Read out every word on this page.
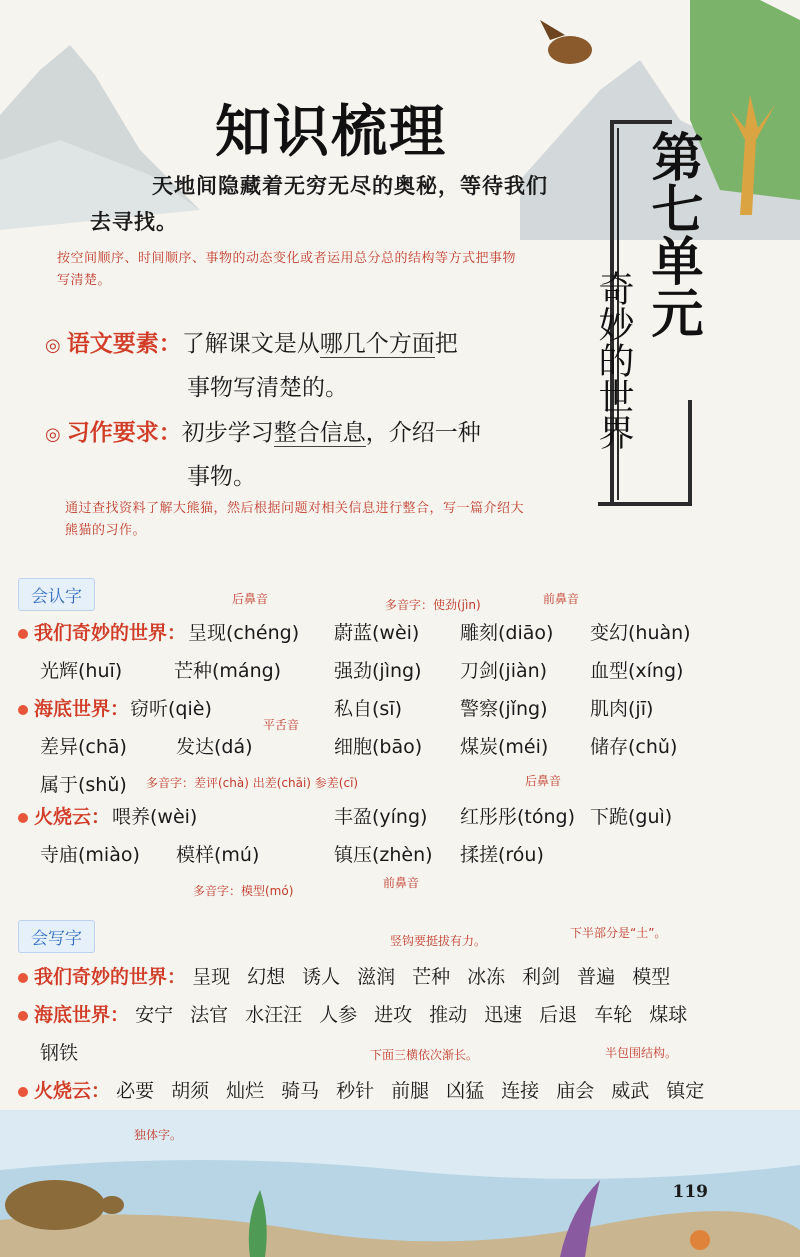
知识梳理
天地间隐藏着无穷无尽的奥秘，等待我们去寻找。	第七单元
奇妙的世界
按空间顺序、时间顺序、事物的动态变化或者运用总分总的结构等方式把事物写清楚。
◎ 语文要素：了解课文是从哪几个方面把
事物写清楚的。
◎ 习作要求：初步学习整合信息，介绍一种
事物。
通过查找资料了解大熊猫，然后根据问题对相关信息进行整合，写一篇介绍大熊猫的习作。
会认字	后鼻音	多音字：使劲(jìn)	前鼻音
我们奇妙的世界： 呈现(chéng) 蔚蓝(wèi) 雕刻(diāo) 变幻(huàn)
光辉(huī)	芒种(máng)	强劲(jìng) 刀剑(jiàn) 血型(xíng)
海底世界： 窃听(qiè)	私自(sī)	警察(jǐng) 肌肉(jī)
平舌音
差异(chā)	发达(dá)	细胞(bāo) 煤炭(méi) 储存(chǔ)
属于(shǔ) 多音字：差评(chà) 出差(chāi) 参差(cī)	后鼻音
火烧云： 喂养(wèi)	丰盈(yíng) 红彤彤(tóng) 下跪(guì)
寺庙(miào) 模样(mú)	镇压(zhèn) 揉搓(róu)
多音字：模型(mó)
前鼻音
会写字	竖钩要挺拔有力。
下半部分是“土”。
我们奇妙的世界： 呈现 幻想 诱人 滋润 芒种 冰冻 利剑 普遍 模型
海底世界： 安宁 法官 水汪汪 人参 进攻 推动 迅速 后退 车轮 煤球
钢铁	下面三横依次渐长。	半包围结构。
火烧云： 必要 胡须 灿烂 骑马 秒针 前腿 凶猛 连接 庙会 威武 镇定
独体字。
119
